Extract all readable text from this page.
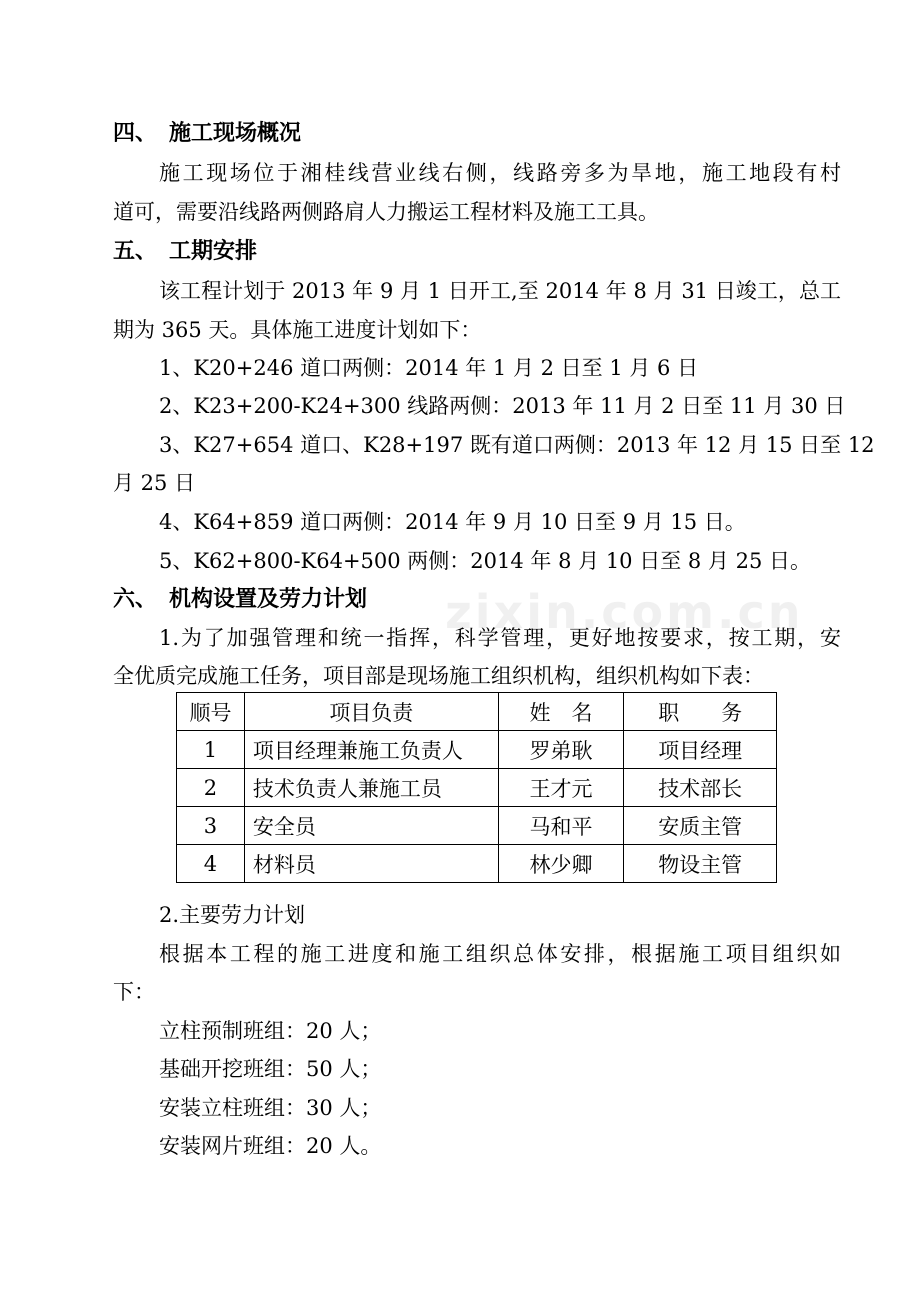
zixin.com.cn
四、 施工现场概况
施工现场位于湘桂线营业线右侧，线路旁多为旱地，施工地段有村
道可，需要沿线路两侧路肩人力搬运工程材料及施工工具。
五、 工期安排
该工程计划于 2013 年 9 月 1 日开工,至 2014 年 8 月 31 日竣工，总工
期为 365 天。具体施工进度计划如下：
1、K20+246 道口两侧：2014 年 1 月 2 日至 1 月 6 日
2、K23+200-K24+300 线路两侧：2013 年 11 月 2 日至 11 月 30 日
3、K27+654 道口、K28+197 既有道口两侧：2013 年 12 月 15 日至 12
月 25 日
4、K64+859 道口两侧：2014 年 9 月 10 日至 9 月 15 日。
5、K62+800-K64+500 两侧：2014 年 8 月 10 日至 8 月 25 日。
六、 机构设置及劳力计划
1.为了加强管理和统一指挥，科学管理，更好地按要求，按工期，安
全优质完成施工任务，项目部是现场施工组织机构，组织机构如下表：
顺号	项目负责	姓　名	职　　务
1	项目经理兼施工负责人	罗弟耿	项目经理
2	技术负责人兼施工员	王才元	技术部长
3	安全员	马和平	安质主管
4	材料员	林少卿	物设主管
2.主要劳力计划
根据本工程的施工进度和施工组织总体安排，根据施工项目组织如
下：
立柱预制班组：20 人；
基础开挖班组：50 人；
安装立柱班组：30 人；
安装网片班组：20 人。
